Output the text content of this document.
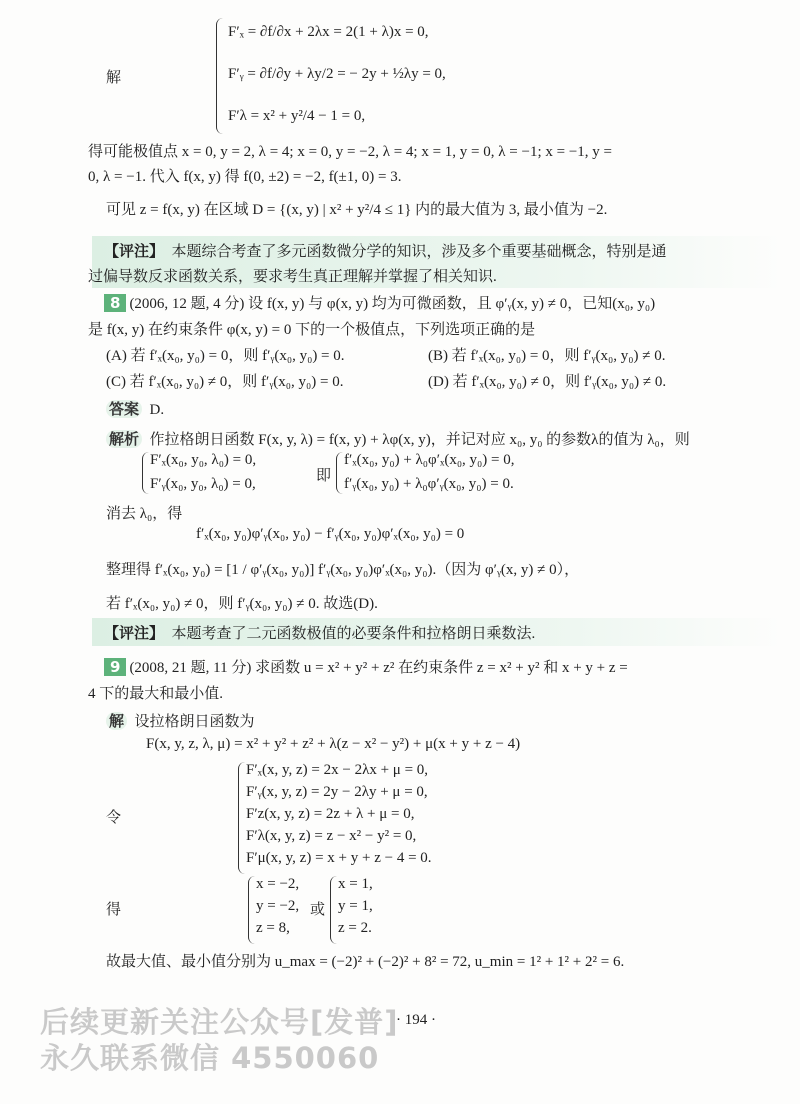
解
F′ₓ = ∂f/∂x + 2λx = 2(1 + λ)x = 0,
F′ᵧ = ∂f/∂y + λy/2 = − 2y + ½λy = 0,
F′λ = x² + y²/4 − 1 = 0,
得可能极值点 x = 0, y = 2, λ = 4; x = 0, y = −2, λ = 4; x = 1, y = 0, λ = −1; x = −1, y =
0, λ = −1. 代入 f(x, y) 得 f(0, ±2) = −2, f(±1, 0) = 3.
可见 z = f(x, y) 在区域 D = {(x, y) | x² + y²/4 ≤ 1} 内的最大值为 3, 最小值为 −2.
【评注】 本题综合考查了多元函数微分学的知识，涉及多个重要基础概念，特别是通
过偏导数反求函数关系，要求考生真正理解并掌握了相关知识.
8 (2006, 12 题, 4 分) 设 f(x, y) 与 φ(x, y) 均为可微函数，且 φ′ᵧ(x, y) ≠ 0，已知(x₀, y₀)
是 f(x, y) 在约束条件 φ(x, y) = 0 下的一个极值点，下列选项正确的是
(A) 若 f′ₓ(x₀, y₀) = 0，则 f′ᵧ(x₀, y₀) = 0.	(B) 若 f′ₓ(x₀, y₀) = 0，则 f′ᵧ(x₀, y₀) ≠ 0.
(C) 若 f′ₓ(x₀, y₀) ≠ 0，则 f′ᵧ(x₀, y₀) = 0.	(D) 若 f′ₓ(x₀, y₀) ≠ 0，则 f′ᵧ(x₀, y₀) ≠ 0.
答案 D.
解析 作拉格朗日函数 F(x, y, λ) = f(x, y) + λφ(x, y)，并记对应 x₀, y₀ 的参数λ的值为 λ₀，则
F′ₓ(x₀, y₀, λ₀) = 0,
F′ᵧ(x₀, y₀, λ₀) = 0,	即
f′ₓ(x₀, y₀) + λ₀φ′ₓ(x₀, y₀) = 0,
f′ᵧ(x₀, y₀) + λ₀φ′ᵧ(x₀, y₀) = 0.
消去 λ₀，得
f′ₓ(x₀, y₀)φ′ᵧ(x₀, y₀) − f′ᵧ(x₀, y₀)φ′ₓ(x₀, y₀) = 0
整理得 f′ₓ(x₀, y₀) = [1 / φ′ᵧ(x₀, y₀)] f′ᵧ(x₀, y₀)φ′ₓ(x₀, y₀).（因为 φ′ᵧ(x, y) ≠ 0），
若 f′ₓ(x₀, y₀) ≠ 0，则 f′ᵧ(x₀, y₀) ≠ 0. 故选(D).
【评注】 本题考查了二元函数极值的必要条件和拉格朗日乘数法.
9 (2008, 21 题, 11 分) 求函数 u = x² + y² + z² 在约束条件 z = x² + y² 和 x + y + z =
4 下的最大和最小值.
解 设拉格朗日函数为
F(x, y, z, λ, μ) = x² + y² + z² + λ(z − x² − y²) + μ(x + y + z − 4)
令
F′ₓ(x, y, z) = 2x − 2λx + μ = 0,
F′ᵧ(x, y, z) = 2y − 2λy + μ = 0,
F′z(x, y, z) = 2z + λ + μ = 0,
F′λ(x, y, z) = z − x² − y² = 0,
F′μ(x, y, z) = x + y + z − 4 = 0.
得
x = −2,
y = −2,
z = 8,
或
x = 1,
y = 1,
z = 2.
故最大值、最小值分别为 u_max = (−2)² + (−2)² + 8² = 72, u_min = 1² + 1² + 2² = 6.
后续更新关注公众号[发普]
永久联系微信 4550060
· 194 ·
